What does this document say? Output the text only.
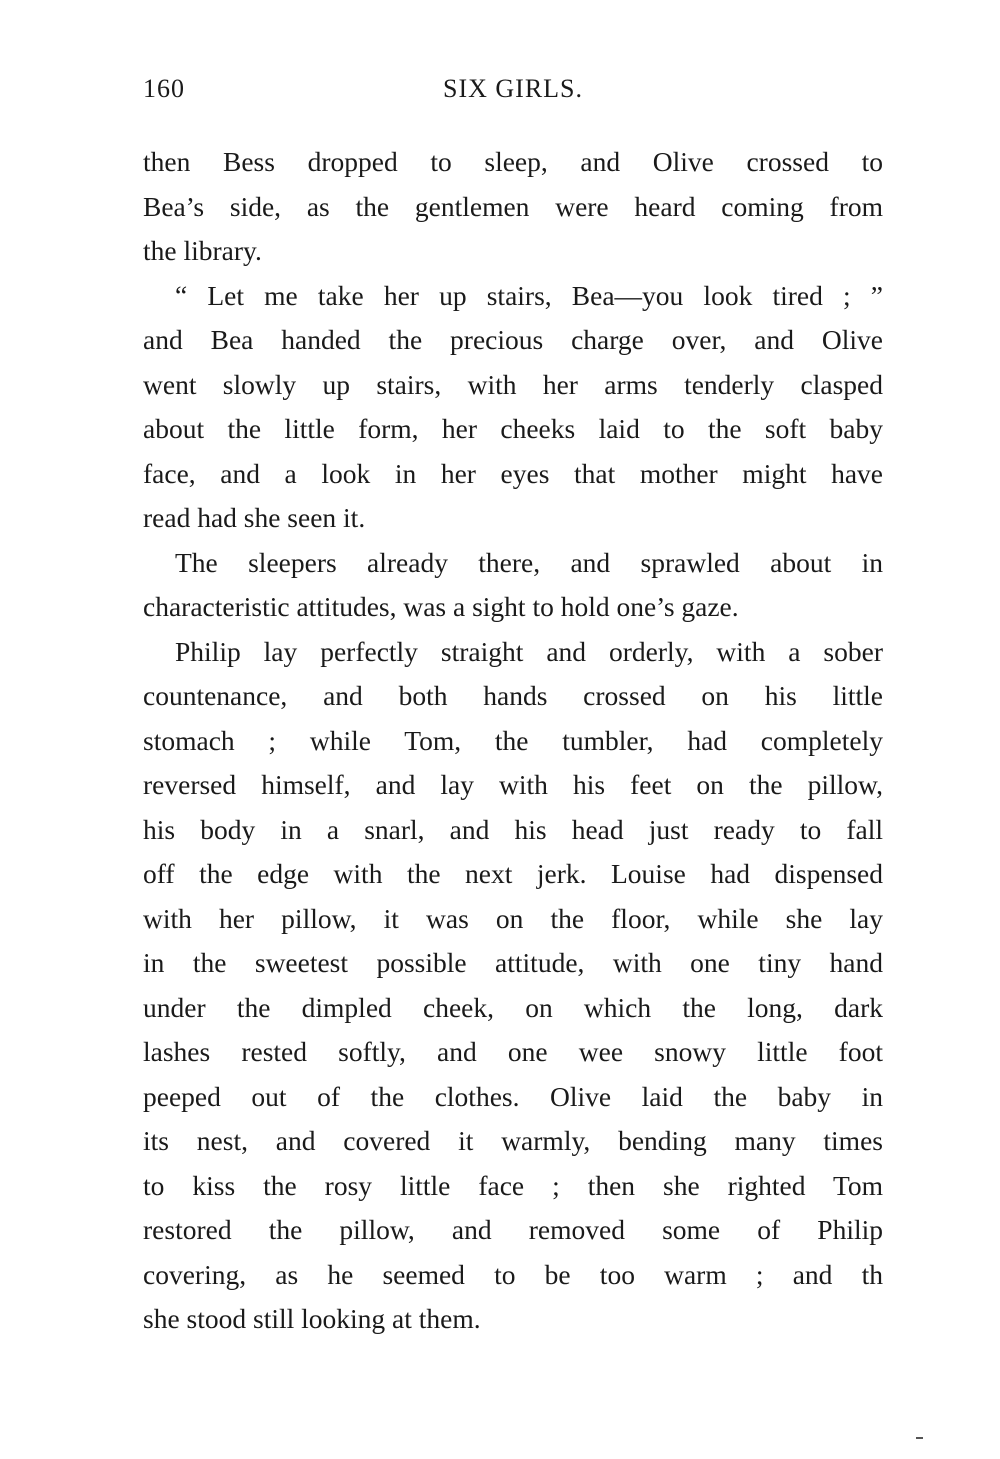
160	SIX GIRLS.
then Bess dropped to sleep, and Olive crossed to
Bea’s side, as the gentlemen were heard coming from
the library.
“ Let me take her up stairs, Bea—you look tired ; ”
and Bea handed the precious charge over, and Olive
went slowly up stairs, with her arms tenderly clasped
about the little form, her cheeks laid to the soft baby
face, and a look in her eyes that mother might have
read had she seen it.
The sleepers already there, and sprawled about in
characteristic attitudes, was a sight to hold one’s gaze.
Philip lay perfectly straight and orderly, with a sober
countenance, and both hands crossed on his little
stomach ; while Tom, the tumbler, had completely
reversed himself, and lay with his feet on the pillow,
his body in a snarl, and his head just ready to fall
off the edge with the next jerk. Louise had dispensed
with her pillow, it was on the floor, while she lay
in the sweetest possible attitude, with one tiny hand
under the dimpled cheek, on which the long, dark
lashes rested softly, and one wee snowy little foot
peeped out of the clothes. Olive laid the baby in
its nest, and covered it warmly, bending many times
to kiss the rosy little face ; then she righted Tom
restored the pillow, and removed some of Philip
covering, as he seemed to be too warm ; and th
she stood still looking at them.
